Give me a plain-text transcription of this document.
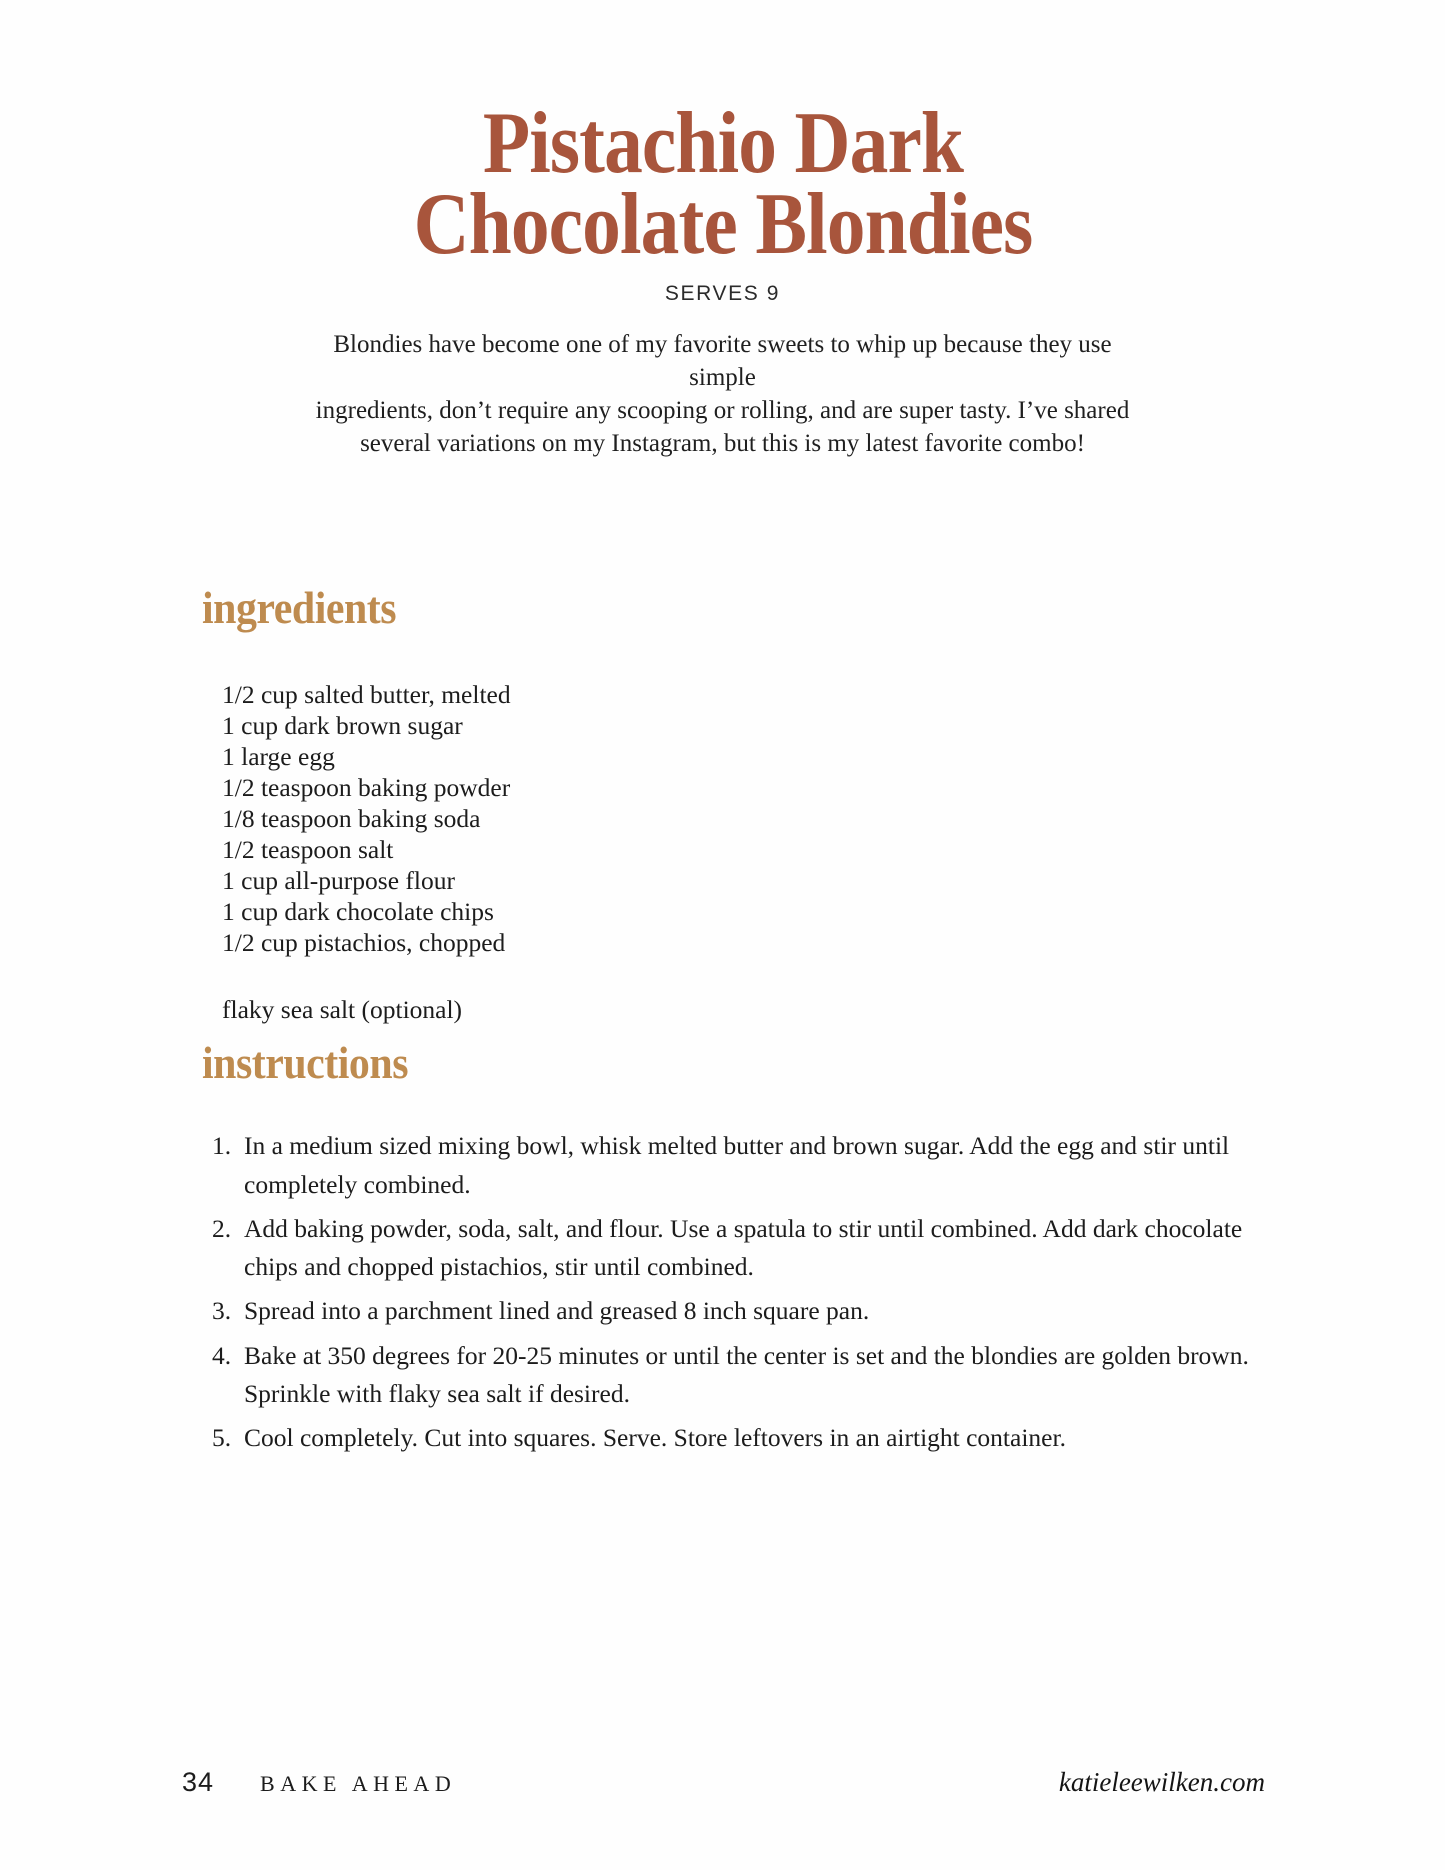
Pistachio Dark
Chocolate Blondies
SERVES 9
Blondies have become one of my favorite sweets to whip up because they use simple
ingredients, don’t require any scooping or rolling, and are super tasty. I’ve shared
several variations on my Instagram, but this is my latest favorite combo!
ingredients
1/2 cup salted butter, melted
1 cup dark brown sugar
1 large egg
1/2 teaspoon baking powder
1/8 teaspoon baking soda
1/2 teaspoon salt
1 cup all-purpose flour
1 cup dark chocolate chips
1/2 cup pistachios, chopped

flaky sea salt (optional)

instructions
In a medium sized mixing bowl, whisk melted butter and brown sugar. Add the egg and stir until completely combined.
Add baking powder, soda, salt, and flour. Use a spatula to stir until combined. Add dark chocolate chips and chopped pistachios, stir until combined.
Spread into a parchment lined and greased 8 inch square pan.
Bake at 350 degrees for 20-25 minutes or until the center is set and the blondies are golden brown. Sprinkle with flaky sea salt if desired.
Cool completely. Cut into squares. Serve. Store leftovers in an airtight container.
34 BAKE AHEAD	katieleewilken.com
